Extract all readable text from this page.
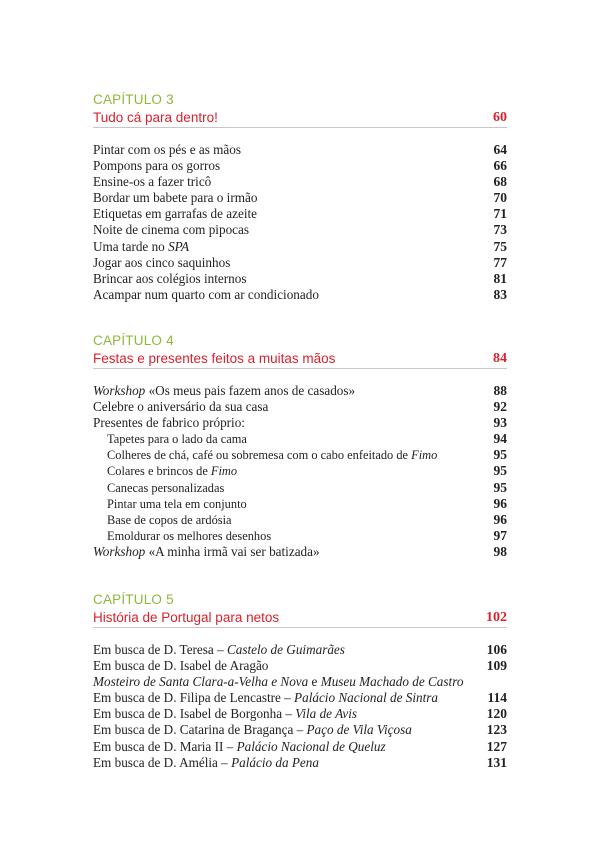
CAPÍTULO 3
Tudo cá para dentro!	60
Pintar com os pés e as mãos	64
Pompons para os gorros	66
Ensine-os a fazer tricô	68
Bordar um babete para o irmão	70
Etiquetas em garrafas de azeite	71
Noite de cinema com pipocas	73
Uma tarde no SPA	75
Jogar aos cinco saquinhos	77
Brincar aos colégios internos	81
Acampar num quarto com ar condicionado	83
CAPÍTULO 4
Festas e presentes feitos a muitas mãos	84
Workshop «Os meus pais fazem anos de casados»	88
Celebre o aniversário da sua casa	92
Presentes de fabrico próprio:	93
Tapetes para o lado da cama	94
Colheres de chá, café ou sobremesa com o cabo enfeitado de Fimo	95
Colares e brincos de Fimo	95
Canecas personalizadas	95
Pintar uma tela em conjunto	96
Base de copos de ardósia	96
Emoldurar os melhores desenhos	97
Workshop «A minha irmã vai ser batizada»	98
CAPÍTULO 5
História de Portugal para netos	102
Em busca de D. Teresa – Castelo de Guimarães	106
Em busca de D. Isabel de Aragão	109
Mosteiro de Santa Clara-a-Velha e Nova e Museu Machado de Castro
Em busca de D. Filipa de Lencastre – Palácio Nacional de Sintra	114
Em busca de D. Isabel de Borgonha – Vila de Avis	120
Em busca de D. Catarina de Bragança – Paço de Vila Viçosa	123
Em busca de D. Maria II – Palácio Nacional de Queluz	127
Em busca de D. Amélia – Palácio da Pena	131
